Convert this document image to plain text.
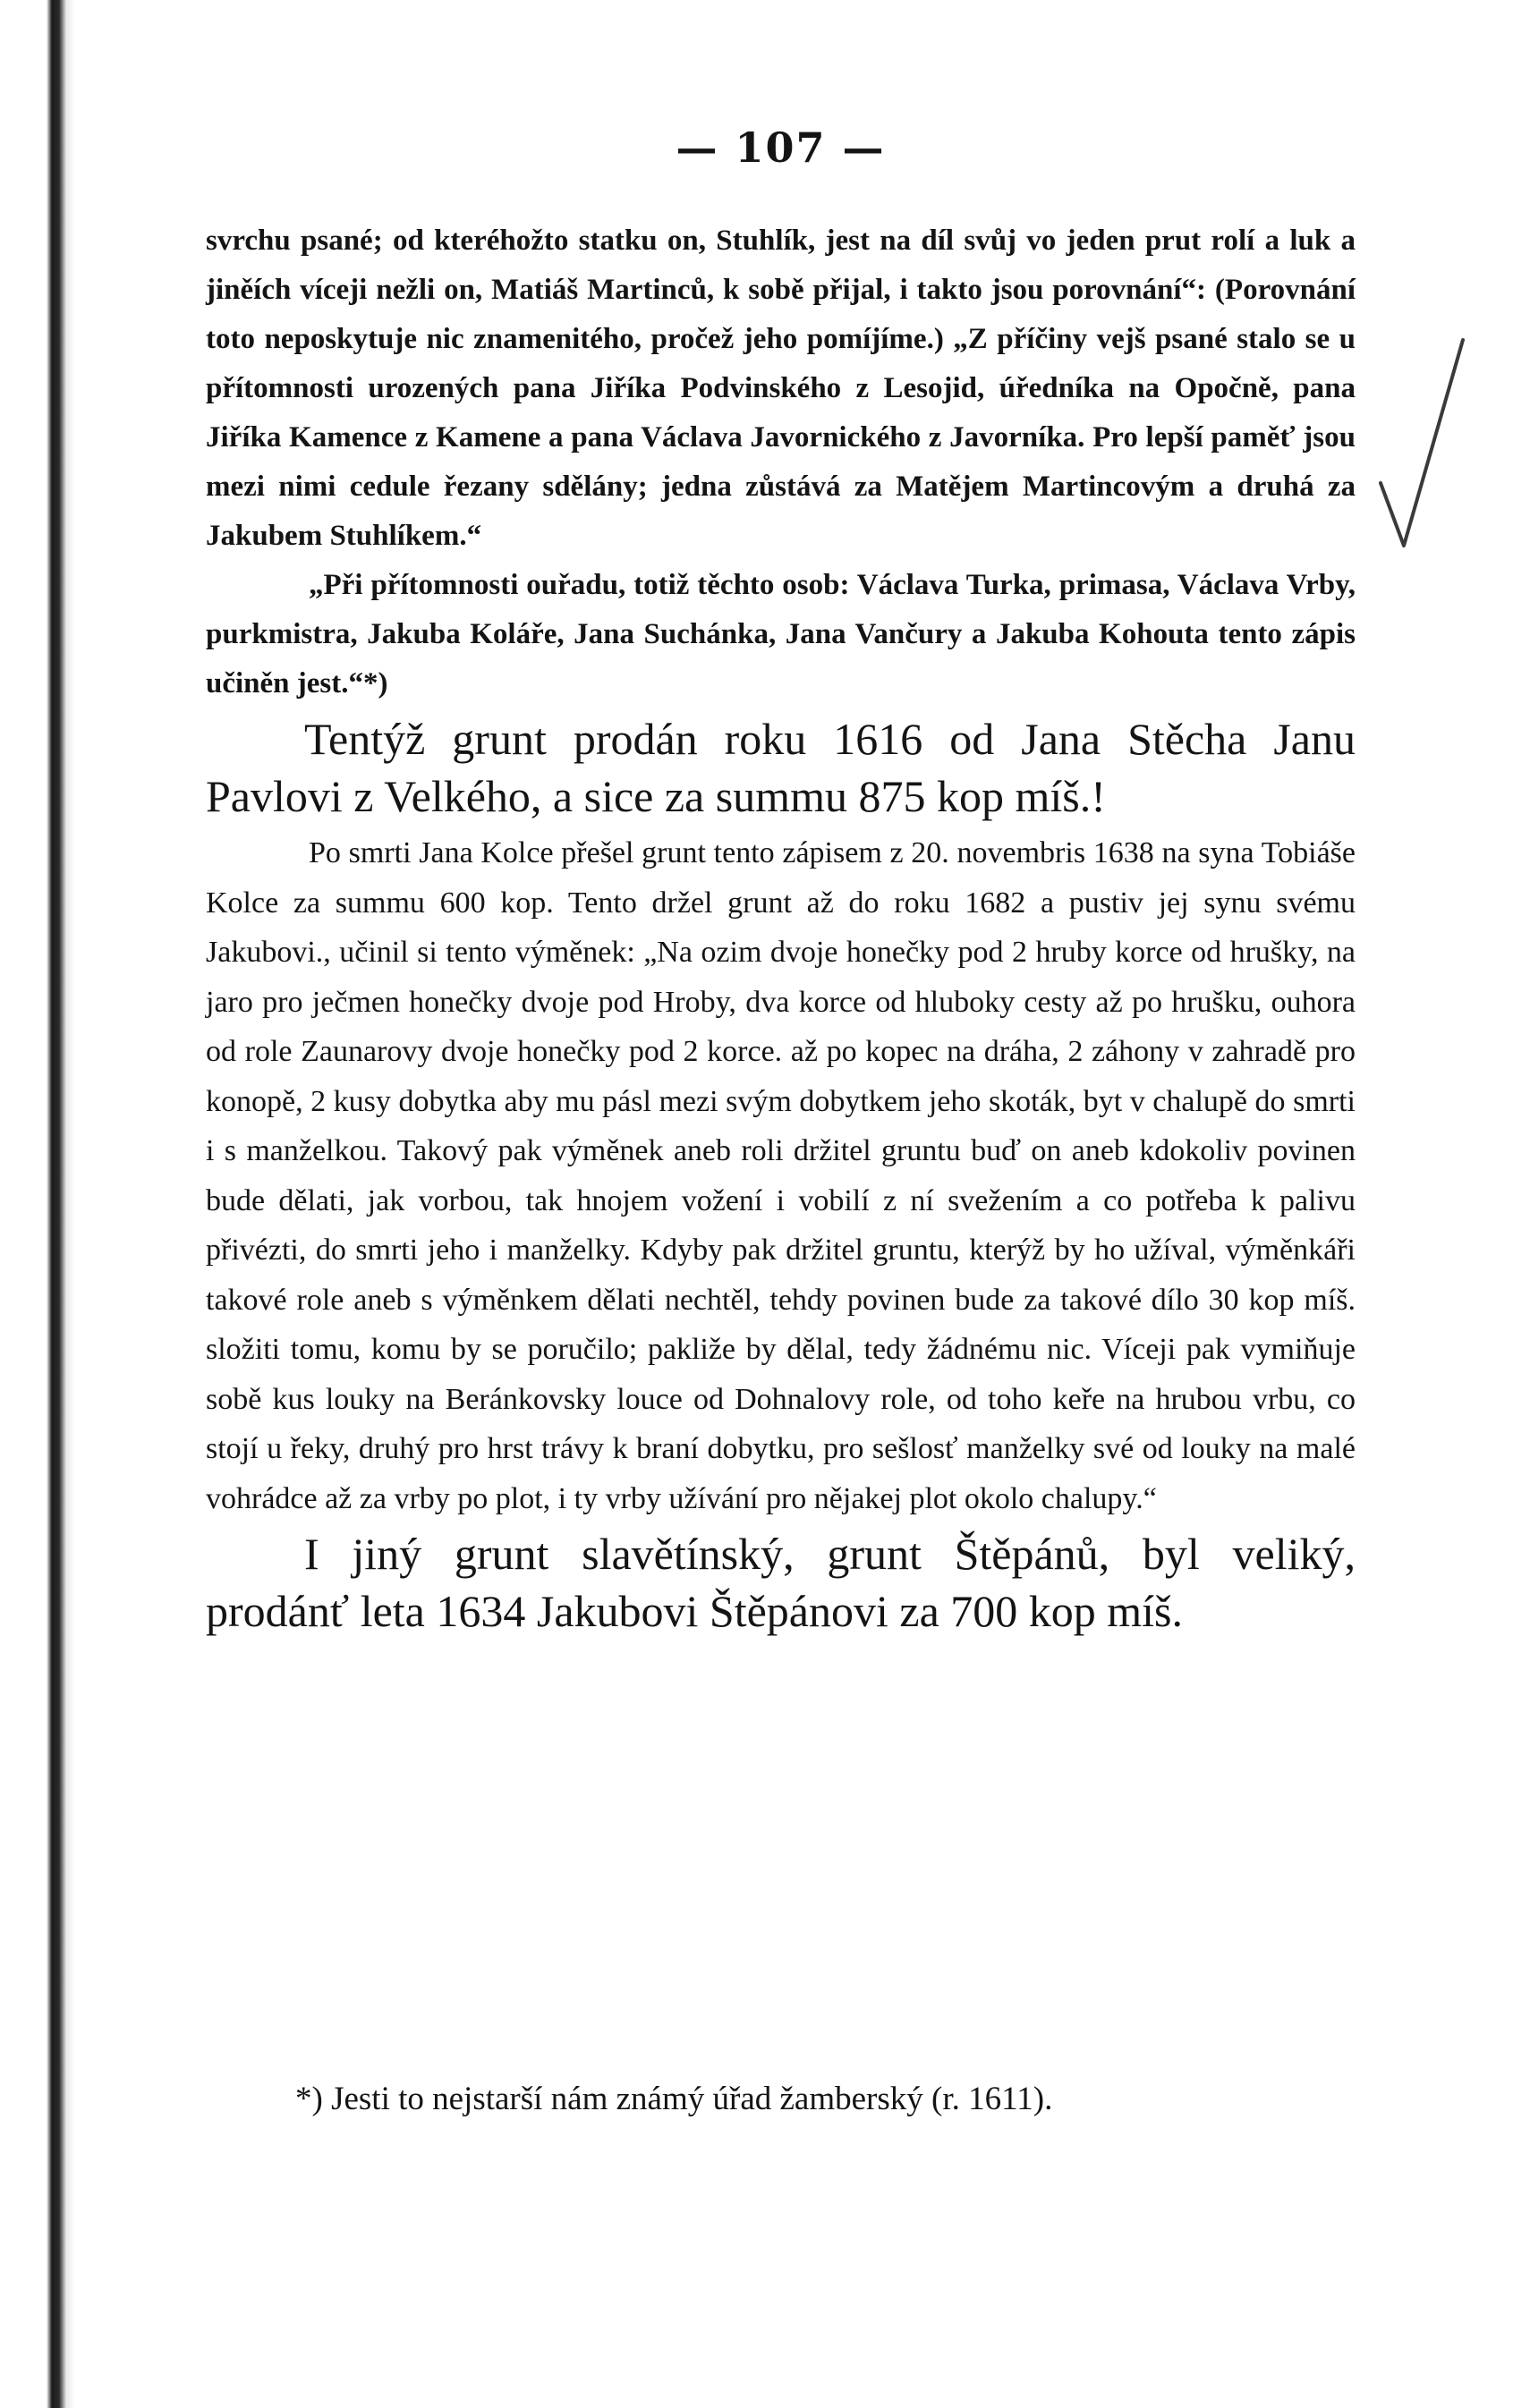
— 107 —

svrchu psané; od kteréhožto statku on, Stuhlík, jest na díl svůj vo jeden prut rolí a luk a jiněích víceji nežli on, Matiáš Martinců, k sobě přijal, i takto jsou porovnání“: (Porovnání toto neposkytuje nic znamenitého, pročež jeho pomíjíme.) „Z příčiny vejš psané stalo se u přítomnosti urozených pana Jiříka Podvinského z Lesojid, úředníka na Opočně, pana Jiříka Kamence z Kamene a pana Václava Javornického z Javorníka. Pro lepší paměť jsou mezi nimi cedule řezany sdělány; jedna zůstává za Matějem Martincovým a druhá za Jakubem Stuhlíkem.“

„Při přítomnosti ouřadu, totiž těchto osob: Václava Turka, primasa, Václava Vrby, purkmistra, Jakuba Koláře, Jana Suchánka, Jana Vančury a Jakuba Kohouta tento zápis učiněn jest.“*)

Tentýž grunt prodán roku 1616 od Jana Stěcha Janu Pavlovi z Velkého, a sice za summu 875 kop míš.!

Po smrti Jana Kolce přešel grunt tento zápisem z 20. novembris 1638 na syna Tobiáše Kolce za summu 600 kop. Tento držel grunt až do roku 1682 a pustiv jej synu svému Jakubovi., učinil si tento výměnek: „Na ozim dvoje honečky pod 2 hruby korce od hrušky, na jaro pro ječmen honečky dvoje pod Hroby, dva korce od hluboky cesty až po hrušku, ouhora od role Zaunarovy dvoje honečky pod 2 korce. až po kopec na dráha, 2 záhony v zahradě pro konopě, 2 kusy dobytka aby mu pásl mezi svým dobytkem jeho skoták, byt v chalupě do smrti i s manželkou. Takový pak výměnek aneb roli držitel gruntu buď on aneb kdokoliv povinen bude dělati, jak vorbou, tak hnojem vožení i vobilí z ní svežením a co potřeba k palivu přivézti, do smrti jeho i manželky. Kdyby pak držitel gruntu, kterýž by ho užíval, výměnkáři takové role aneb s výměnkem dělati nechtěl, tehdy povinen bude za takové dílo 30 kop míš. složiti tomu, komu by se poručilo; pakliže by dělal, tedy žádnému nic. Víceji pak vymiňuje sobě kus louky na Beránkovsky louce od Dohnalovy role, od toho keře na hrubou vrbu, co stojí u řeky, druhý pro hrst trávy k braní dobytku, pro sešlosť manželky své od louky na malé vohrádce až za vrby po plot, i ty vrby užívání pro nějakej plot okolo chalupy.“

I jiný grunt slavětínský, grunt Štěpánů, byl veliký, prodánť leta 1634 Jakubovi Štěpánovi za 700 kop míš.

*) Jesti to nejstarší nám známý úřad žamberský (r. 1611).
